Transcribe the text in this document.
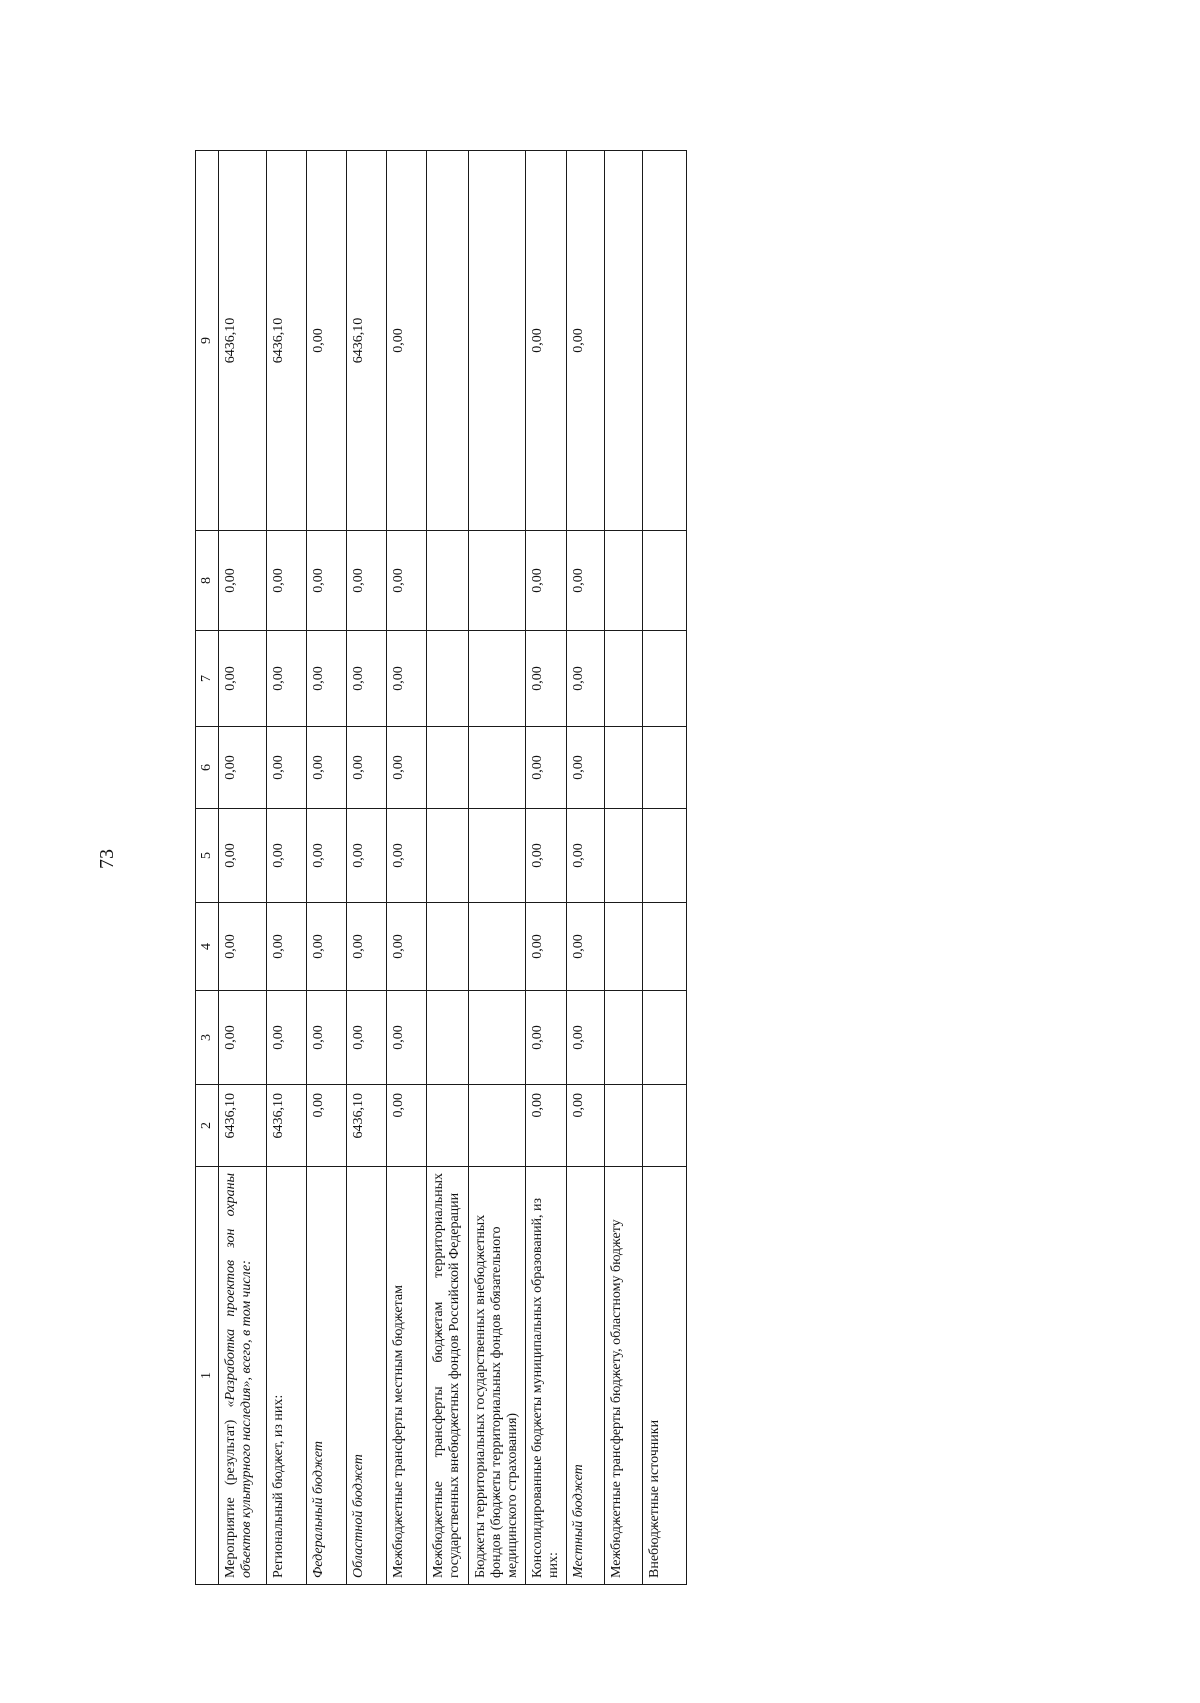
73
1	2	3	4	5	6	7	8	9
Мероприятие (результат) «Разработка проектов зон охраны объектов культурного наследия», всего, в том числе:	6436,10	0,00	0,00	0,00	0,00	0,00	0,00	6436,10
Региональный бюджет, из них:	6436,10	0,00	0,00	0,00	0,00	0,00	0,00	6436,10
Федеральный бюджет	0,00	0,00	0,00	0,00	0,00	0,00	0,00	0,00
Областной бюджет	6436,10	0,00	0,00	0,00	0,00	0,00	0,00	6436,10
Межбюджетные трансферты местным бюджетам	0,00	0,00	0,00	0,00	0,00	0,00	0,00	0,00
Межбюджетные трансферты бюджетам территориальных государственных внебюджетных фондов Российской Федерации								
Бюджеты территориальных государственных внебюджетных фондов (бюджеты территориальных фондов обязательного медицинского страхования)								
Консолидированные бюджеты муниципальных образований, из них:	0,00	0,00	0,00	0,00	0,00	0,00	0,00	0,00
Местный бюджет	0,00	0,00	0,00	0,00	0,00	0,00	0,00	0,00
Межбюджетные трансферты бюджету, областному бюджету								
Внебюджетные источники								
